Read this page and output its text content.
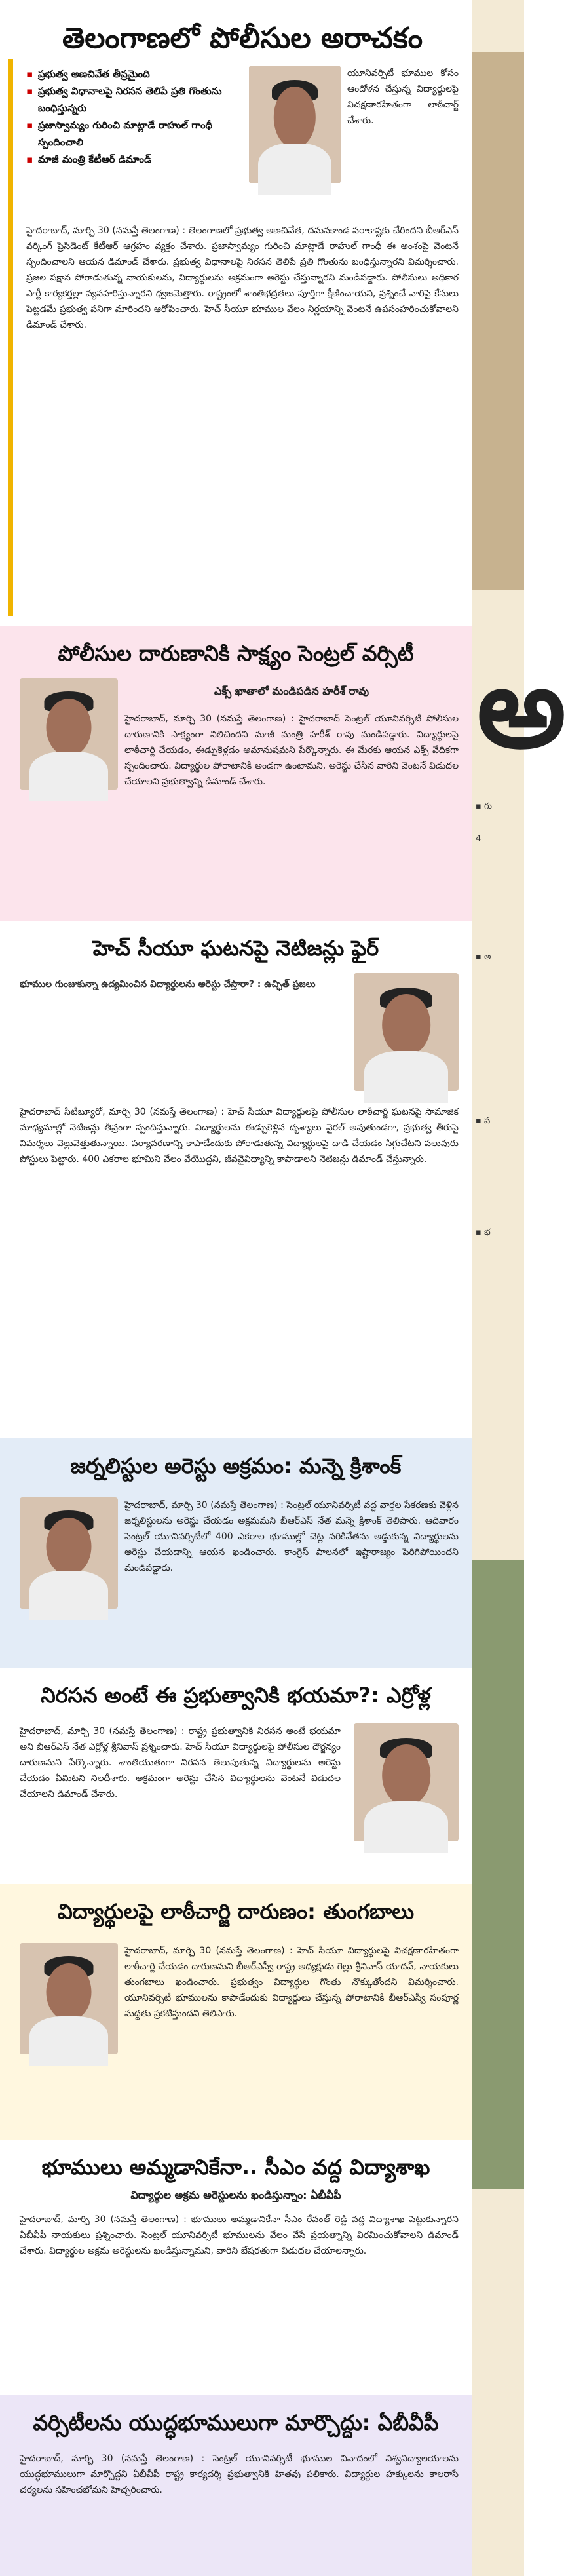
తెలంగాణలో పోలీసుల అరాచకం
▪ ప్రభుత్వ అణచివేత తీవ్రమైంది
▪ ప్రభుత్వ విధానాలపై నిరసన తెలిపే ప్రతి గొంతును బంధిస్తున్నరు
▪ ప్రజాస్వామ్యం గురించి మాట్లాడే రాహుల్ గాంధీ స్పందించాలి
▪ మాజీ మంత్రి కేటీఆర్ డిమాండ్

యూనివర్సిటీ భూముల కోసం ఆందోళన చేస్తున్న విద్యార్థులపై విచక్షణారహితంగా లాఠీచార్జ్ చేశారు.

హైదరాబాద్, మార్చి 30 (నమస్తే తెలంగాణ) : తెలంగాణలో ప్రభుత్వ అణచివేత, దమనకాండ పరాకాష్టకు చేరిందని బీఆర్ఎస్ వర్కింగ్ ప్రెసిడెంట్ కేటీఆర్ ఆగ్రహం వ్యక్తం చేశారు. ప్రజాస్వామ్యం గురించి మాట్లాడే రాహుల్ గాంధీ ఈ అంశంపై వెంటనే స్పందించాలని ఆయన డిమాండ్ చేశారు. ప్రభుత్వ విధానాలపై నిరసన తెలిపే ప్రతి గొంతును బంధిస్తున్నారని విమర్శించారు. ప్రజల పక్షాన పోరాడుతున్న నాయకులను, విద్యార్థులను అక్రమంగా అరెస్టు చేస్తున్నారని మండిపడ్డారు. పోలీసులు అధికార పార్టీ కార్యకర్తల్లా వ్యవహరిస్తున్నారని ధ్వజమెత్తారు. రాష్ట్రంలో శాంతిభద్రతలు పూర్తిగా క్షీణించాయని, ప్రశ్నించే వారిపై కేసులు పెట్టడమే ప్రభుత్వ పనిగా మారిందని ఆరోపించారు. హెచ్ సీయూ భూముల వేలం నిర్ణయాన్ని వెంటనే ఉపసంహరించుకోవాలని డిమాండ్ చేశారు.

పోలీసుల దారుణానికి సాక్ష్యం సెంట్రల్ వర్సిటీ
ఎక్స్ ఖాతాలో మండిపడిన హరీశ్ రావు

హైదరాబాద్, మార్చి 30 (నమస్తే తెలంగాణ) : హైదరాబాద్ సెంట్రల్ యూనివర్సిటీ పోలీసుల దారుణానికి సాక్ష్యంగా నిలిచిందని మాజీ మంత్రి హరీశ్ రావు మండిపడ్డారు. విద్యార్థులపై లాఠీచార్జి చేయడం, ఈడ్చుకెళ్లడం అమానుషమని పేర్కొన్నారు. ఈ మేరకు ఆయన ఎక్స్ వేదికగా స్పందించారు. విద్యార్థుల పోరాటానికి అండగా ఉంటామని, అరెస్టు చేసిన వారిని వెంటనే విడుదల చేయాలని ప్రభుత్వాన్ని డిమాండ్ చేశారు.

హెచ్ సీయూ ఘటనపై నెటిజన్లు ఫైర్
భూముల గుంజుకున్నా ఉద్యమించిన విద్యార్థులను అరెస్టు చేస్తారా? : ఉచ్ఛిత్ ప్రజలు

హైదరాబాద్ సిటీబ్యూరో, మార్చి 30 (నమస్తే తెలంగాణ) : హెచ్ సీయూ విద్యార్థులపై పోలీసుల లాఠీచార్జి ఘటనపై సామాజిక మాధ్యమాల్లో నెటిజన్లు తీవ్రంగా స్పందిస్తున్నారు. విద్యార్థులను ఈడ్చుకెళ్లిన దృశ్యాలు వైరల్ అవుతుండగా, ప్రభుత్వ తీరుపై విమర్శలు వెల్లువెత్తుతున్నాయి. పర్యావరణాన్ని కాపాడేందుకు పోరాడుతున్న విద్యార్థులపై దాడి చేయడం సిగ్గుచేటని పలువురు పోస్టులు పెట్టారు. 400 ఎకరాల భూమిని వేలం వేయొద్దని, జీవవైవిధ్యాన్ని కాపాడాలని నెటిజన్లు డిమాండ్ చేస్తున్నారు.

జర్నలిస్టుల అరెస్టు అక్రమం: మన్నె క్రిశాంక్

హైదరాబాద్, మార్చి 30 (నమస్తే తెలంగాణ) : సెంట్రల్ యూనివర్సిటీ వద్ద వార్తల సేకరణకు వెళ్లిన జర్నలిస్టులను అరెస్టు చేయడం అక్రమమని బీఆర్ఎస్ నేత మన్నె క్రిశాంక్ తెలిపారు. ఆదివారం సెంట్రల్ యూనివర్సిటీలో 400 ఎకరాల భూముల్లో చెట్ల నరికివేతను అడ్డుకున్న విద్యార్థులను అరెస్టు చేయడాన్ని ఆయన ఖండించారు. కాంగ్రెస్ పాలనలో ఇష్టారాజ్యం పెరిగిపోయిందని మండిపడ్డారు.

నిరసన అంటే ఈ ప్రభుత్వానికి భయమా?: ఎర్రోళ్ల

హైదరాబాద్, మార్చి 30 (నమస్తే తెలంగాణ) : రాష్ట్ర ప్రభుత్వానికి నిరసన అంటే భయమా అని బీఆర్ఎస్ నేత ఎర్రోళ్ల శ్రీనివాస్ ప్రశ్నించారు. హెచ్ సీయూ విద్యార్థులపై పోలీసుల దౌర్జన్యం దారుణమని పేర్కొన్నారు. శాంతియుతంగా నిరసన తెలుపుతున్న విద్యార్థులను అరెస్టు చేయడం ఏమిటని నిలదీశారు. అక్రమంగా అరెస్టు చేసిన విద్యార్థులను వెంటనే విడుదల చేయాలని డిమాండ్ చేశారు.

విద్యార్థులపై లాఠీచార్జి దారుణం: తుంగబాలు

హైదరాబాద్, మార్చి 30 (నమస్తే తెలంగాణ) : హెచ్ సీయూ విద్యార్థులపై విచక్షణారహితంగా లాఠీచార్జి చేయడం దారుణమని బీఆర్ఎస్వీ రాష్ట్ర అధ్యక్షుడు గెల్లు శ్రీనివాస్ యాదవ్, నాయకులు తుంగబాలు ఖండించారు. ప్రభుత్వం విద్యార్థుల గొంతు నొక్కుతోందని విమర్శించారు. యూనివర్సిటీ భూములను కాపాడేందుకు విద్యార్థులు చేస్తున్న పోరాటానికి బీఆర్ఎస్వీ సంపూర్ణ మద్దతు ప్రకటిస్తుందని తెలిపారు.

భూములు అమ్మడానికేనా.. సీఎం వద్ద విద్యాశాఖ
విద్యార్థుల అక్రమ అరెస్టులను ఖండిస్తున్నాం: ఏబీవీపీ

హైదరాబాద్, మార్చి 30 (నమస్తే తెలంగాణ) : భూములు అమ్మడానికేనా సీఎం రేవంత్ రెడ్డి వద్ద విద్యాశాఖ పెట్టుకున్నారని ఏబీవీపీ నాయకులు ప్రశ్నించారు. సెంట్రల్ యూనివర్సిటీ భూములను వేలం వేసే ప్రయత్నాన్ని విరమించుకోవాలని డిమాండ్ చేశారు. విద్యార్థుల అక్రమ అరెస్టులను ఖండిస్తున్నామని, వారిని బేషరతుగా విడుదల చేయాలన్నారు.

వర్సిటీలను యుద్ధభూములుగా మార్చొద్దు: ఏబీవీపీ

హైదరాబాద్, మార్చి 30 (నమస్తే తెలంగాణ) : సెంట్రల్ యూనివర్సిటీ భూముల వివాదంలో విశ్వవిద్యాలయాలను యుద్ధభూములుగా మార్చొద్దని ఏబీవీపీ రాష్ట్ర కార్యదర్శి ప్రభుత్వానికి హితవు పలికారు. విద్యార్థుల హక్కులను కాలరాసే చర్యలను సహించబోమని హెచ్చరించారు.

అ
▪ గు
4
▪ అ
▪ ప
▪ భ
